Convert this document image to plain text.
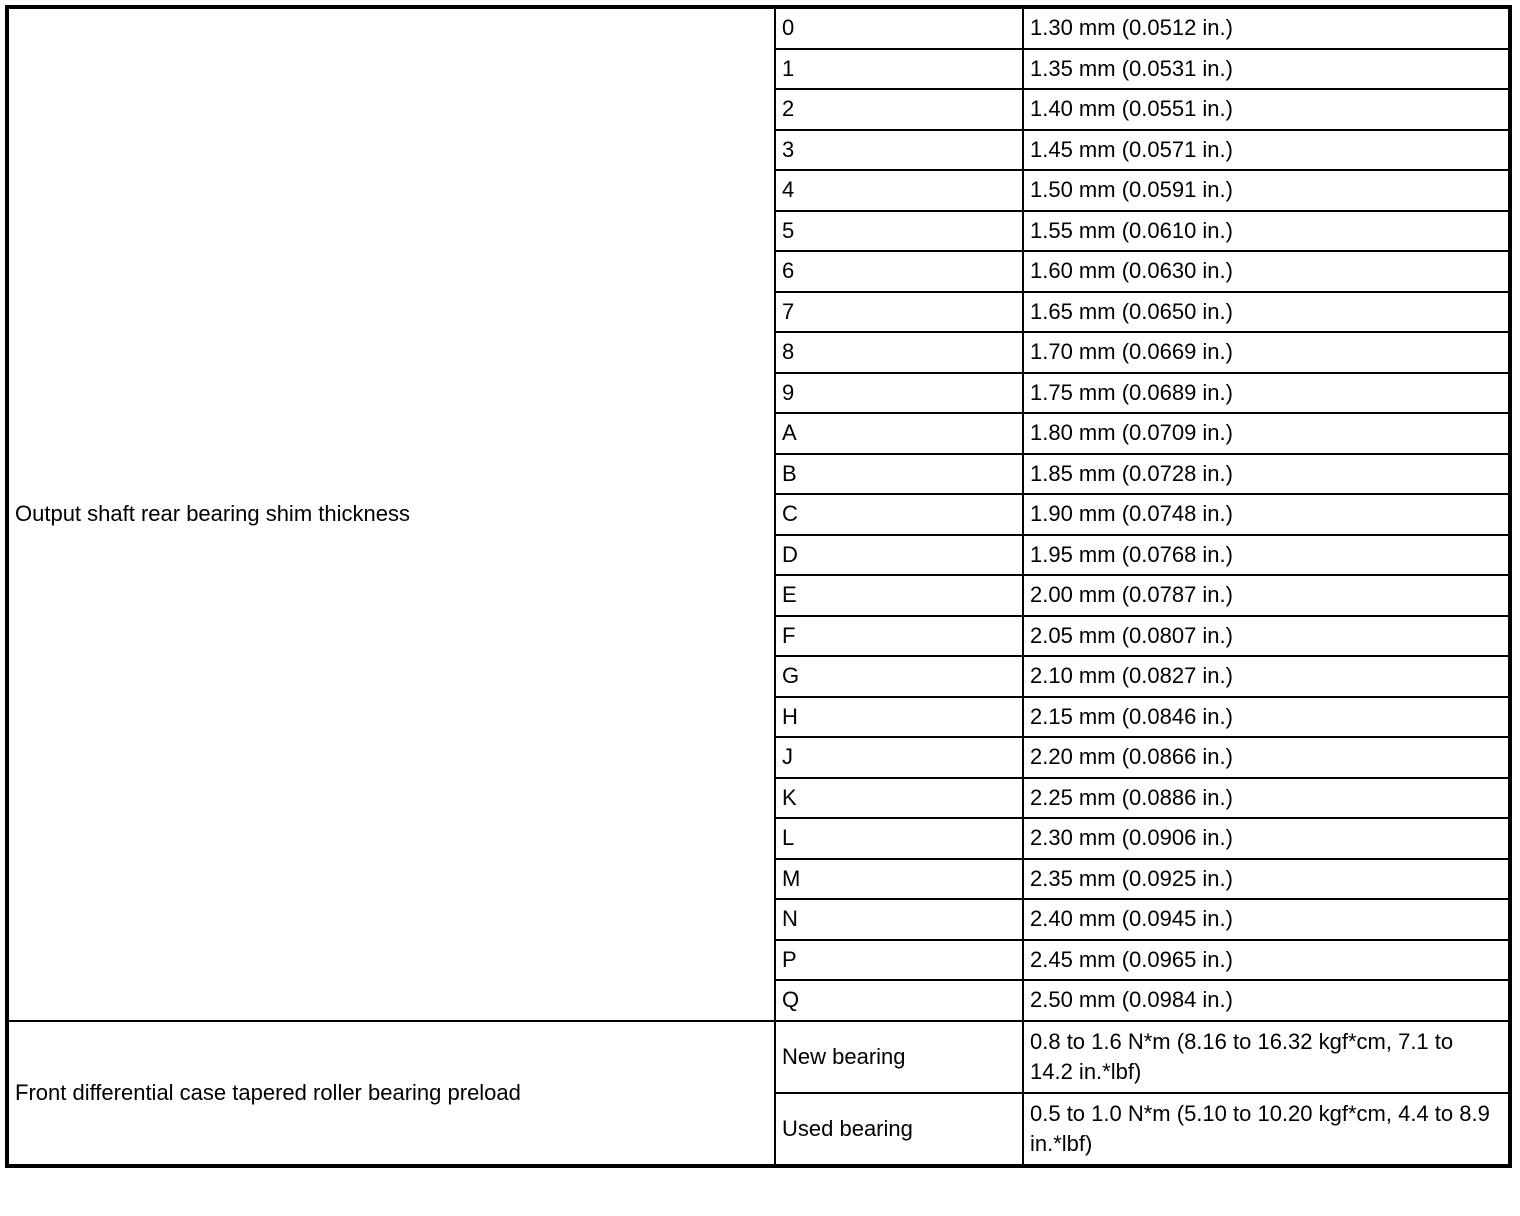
Output shaft rear bearing shim thickness	0	1.30 mm (0.0512 in.)
	1	1.35 mm (0.0531 in.)
	2	1.40 mm (0.0551 in.)
	3	1.45 mm (0.0571 in.)
	4	1.50 mm (0.0591 in.)
	5	1.55 mm (0.0610 in.)
	6	1.60 mm (0.0630 in.)
	7	1.65 mm (0.0650 in.)
	8	1.70 mm (0.0669 in.)
	9	1.75 mm (0.0689 in.)
	A	1.80 mm (0.0709 in.)
	B	1.85 mm (0.0728 in.)
	C	1.90 mm (0.0748 in.)
	D	1.95 mm (0.0768 in.)
	E	2.00 mm (0.0787 in.)
	F	2.05 mm (0.0807 in.)
	G	2.10 mm (0.0827 in.)
	H	2.15 mm (0.0846 in.)
	J	2.20 mm (0.0866 in.)
	K	2.25 mm (0.0886 in.)
	L	2.30 mm (0.0906 in.)
	M	2.35 mm (0.0925 in.)
	N	2.40 mm (0.0945 in.)
	P	2.45 mm (0.0965 in.)
	Q	2.50 mm (0.0984 in.)
Front differential case tapered roller bearing preload	New bearing	0.8 to 1.6 N*m (8.16 to 16.32 kgf*cm, 7.1 to 14.2 in.*lbf)
	Used bearing	0.5 to 1.0 N*m (5.10 to 10.20 kgf*cm, 4.4 to 8.9 in.*lbf)
